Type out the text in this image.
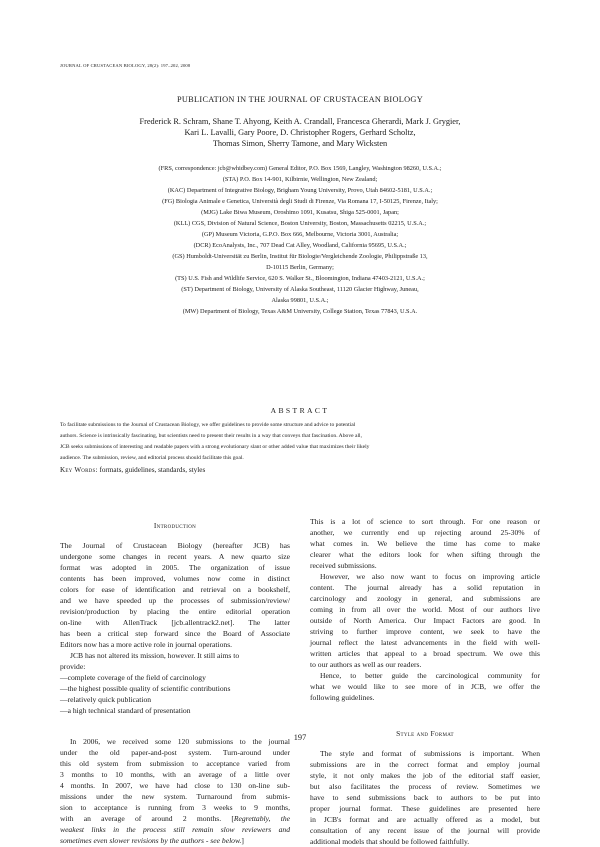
JOURNAL OF CRUSTACEAN BIOLOGY, 28(2): 197–202, 2008
PUBLICATION IN THE JOURNAL OF CRUSTACEAN BIOLOGY
Frederick R. Schram, Shane T. Ahyong, Keith A. Crandall, Francesca Gherardi, Mark J. Grygier,
Kari L. Lavalli, Gary Poore, D. Christopher Rogers, Gerhard Scholtz,
Thomas Simon, Sherry Tamone, and Mary Wicksten
(FRS, correspondence: jcb@whidbey.com) General Editor, P.O. Box 1569, Langley, Washington 98260, U.S.A.;
(STA) P.O. Box 14-901, Kilbirnie, Wellington, New Zealand;
(KAC) Department of Integrative Biology, Brigham Young University, Provo, Utah 84602-5181, U.S.A.;
(FG) Biologia Animale e Genetica, Università degli Studi di Firenze, Via Romana 17, I-50125, Firenze, Italy;
(MJG) Lake Biwa Museum, Oroshimo 1091, Kusatsu, Shiga 525-0001, Japan;
(KLL) CGS, Division of Natural Science, Boston University, Boston, Massachusetts 02215, U.S.A.;
(GP) Museum Victoria, G.P.O. Box 666, Melbourne, Victoria 3001, Australia;
(DCR) EcoAnalysts, Inc., 707 Dead Cat Alley, Woodland, California 95695, U.S.A.;
(GS) Humboldt-Universität zu Berlin, Institut für Biologie/Vergleichende Zoologie, Philippstraße 13,
D-10115 Berlin, Germany;
(TS) U.S. Fish and Wildlife Service, 620 S. Walker St., Bloomington, Indiana 47403-2121, U.S.A.;
(ST) Department of Biology, University of Alaska Southeast, 11120 Glacier Highway, Juneau,
Alaska 99801, U.S.A.;
(MW) Department of Biology, Texas A&M University, College Station, Texas 77843, U.S.A.
ABSTRACT
To facilitate submissions to the Journal of Crustacean Biology, we offer guidelines to provide some structure and advice to potential
authors. Science is intrinsically fascinating, but scientists need to present their results in a way that conveys that fascination. Above all,
JCB seeks submissions of interesting and readable papers with a strong evolutionary slant or other added value that maximizes their likely
audience. The submission, review, and editorial process should facilitate this goal.
Key Words: formats, guidelines, standards, styles
Introduction
The Journal of Crustacean Biology (hereafter JCB) has
undergone some changes in recent years. A new quarto size
format was adopted in 2005. The organization of issue
contents has been improved, volumes now come in distinct
colors for ease of identification and retrieval on a bookshelf,
and we have speeded up the processes of submission/review/
revision/production by placing the entire editorial operation
on-line with AllenTrack [jcb.allentrack2.net]. The latter
has been a critical step forward since the Board of Associate
Editors now has a more active role in journal operations.
JCB has not altered its mission, however. It still aims to
provide:
—complete coverage of the field of carcinology
—the highest possible quality of scientific contributions
—relatively quick publication
—a high technical standard of presentation
In 2006, we received some 120 submissions to the journal
under the old paper-and-post system. Turn-around under
this old system from submission to acceptance varied from
3 months to 10 months, with an average of a little over
4 months. In 2007, we have had close to 130 on-line sub-
missions under the new system. Turnaround from submis-
sion to acceptance is running from 3 weeks to 9 months,
with an average of around 2 months. [Regrettably, the
weakest links in the process still remain slow reviewers and
sometimes even slower revisions by the authors - see below.]
This is a lot of science to sort through. For one reason or
another, we currently end up rejecting around 25-30% of
what comes in. We believe the time has come to make
clearer what the editors look for when sifting through the
received submissions.
However, we also now want to focus on improving article
content. The journal already has a solid reputation in
carcinology and zoology in general, and submissions are
coming in from all over the world. Most of our authors live
outside of North America. Our Impact Factors are good. In
striving to further improve content, we seek to have the
journal reflect the latest advancements in the field with well-
written articles that appeal to a broad spectrum. We owe this
to our authors as well as our readers.
Hence, to better guide the carcinological community for
what we would like to see more of in JCB, we offer the
following guidelines.
Style and Format
The style and format of submissions is important. When
submissions are in the correct format and employ journal
style, it not only makes the job of the editorial staff easier,
but also facilitates the process of review. Sometimes we
have to send submissions back to authors to be put into
proper journal format. These guidelines are presented here
in JCB's format and are actually offered as a model, but
consultation of any recent issue of the journal will provide
additional models that should be followed faithfully.
197
